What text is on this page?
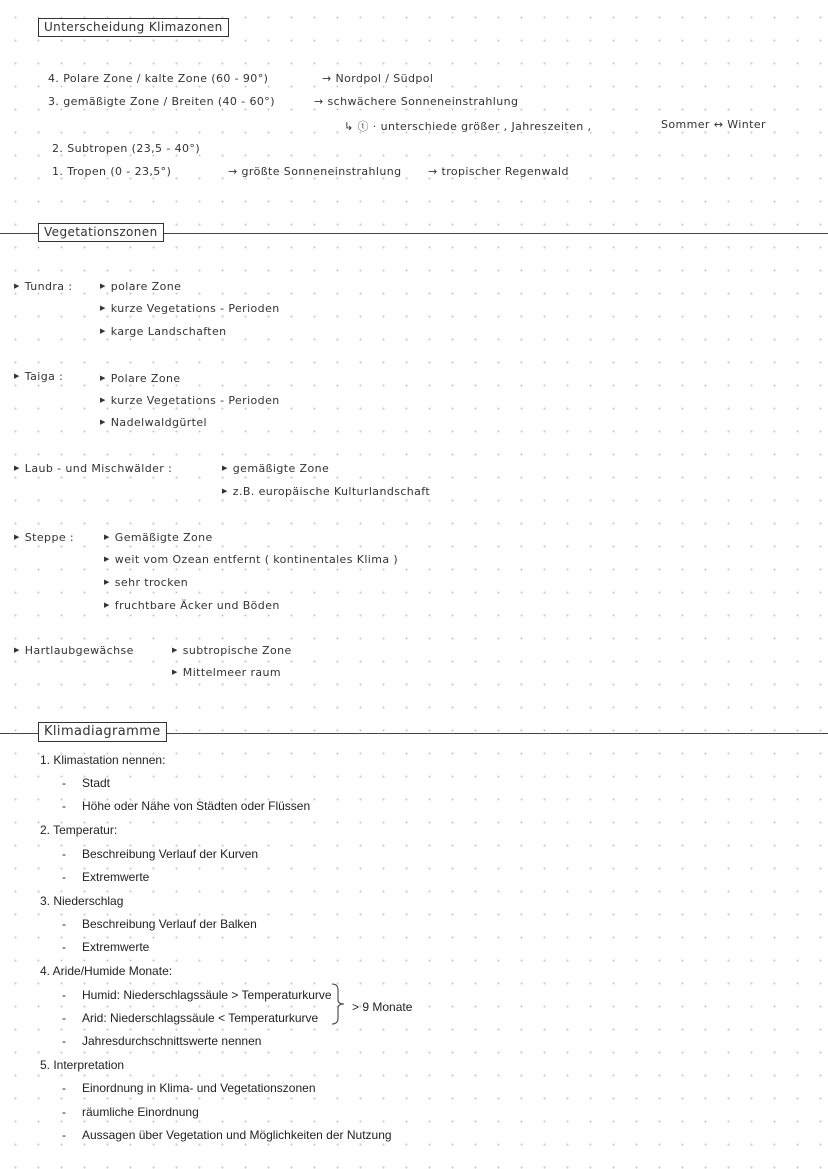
Unterscheidung Klimazonen
4. Polare Zone / kalte Zone (60 - 90°)	→ Nordpol / Südpol
3. gemäßigte Zone / Breiten (40 - 60°)	→ schwächere Sonneneinstrahlung
↳ ⓣ · unterschiede größer , Jahreszeiten ,	Sommer ↔ Winter
2. Subtropen (23,5 - 40°)
1. Tropen (0 - 23,5°)	→ größte Sonneneinstrahlung → tropischer Regenwald
Vegetationszonen
▶ Tundra :	▶ polare Zone
▶ kurze Vegetations - Perioden
▶ karge Landschaften
▶ Taiga :	▶ Polare Zone
▶ kurze Vegetations - Perioden
▶ Nadelwaldgürtel
▶ Laub - und Mischwälder :	▶ gemäßigte Zone
▶ z.B. europäische Kulturlandschaft
▶ Steppe :	▶ Gemäßigte Zone
▶ weit vom Ozean entfernt ( kontinentales Klima )
▶ sehr trocken
▶ fruchtbare Äcker und Böden
▶ Hartlaubgewächse	▶ subtropische Zone
▶ Mittelmeer raum
Klimadiagramme
1. Klimastation nennen:
- Stadt
- Höhe oder Nähe von Städten oder Flüssen
2. Temperatur:
- Beschreibung Verlauf der Kurven
- Extremwerte
3. Niederschlag
- Beschreibung Verlauf der Balken
- Extremwerte
4. Aride/Humide Monate:
- Humid: Niederschlagssäule > Temperaturkurve
- Arid: Niederschlagssäule < Temperaturkurve
> 9 Monate
- Jahresdurchschnittswerte nennen
5. Interpretation
- Einordnung in Klima- und Vegetationszonen
- räumliche Einordnung
- Aussagen über Vegetation und Möglichkeiten der Nutzung
